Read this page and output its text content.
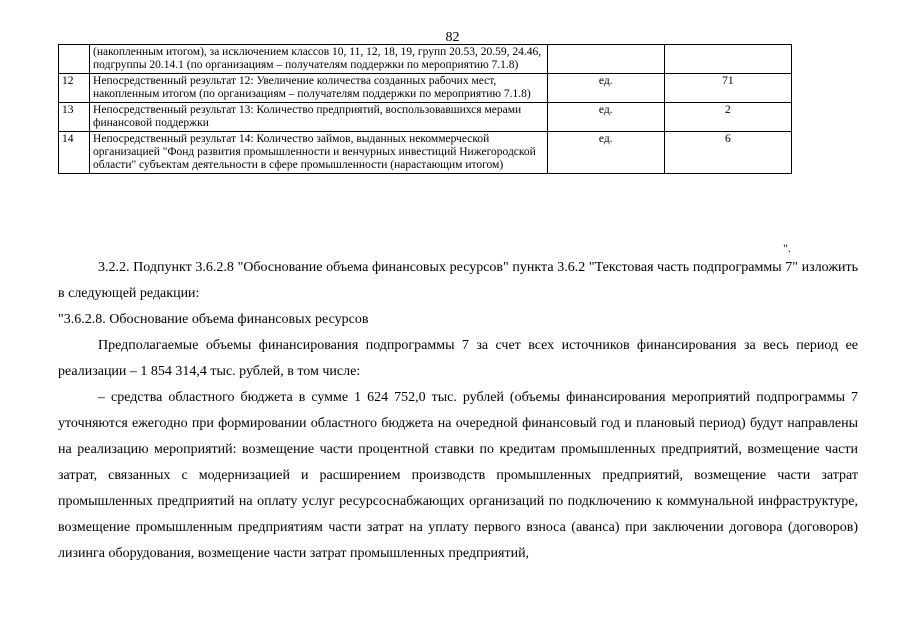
82
	(накопленным итогом), за исключением классов 10, 11, 12, 18, 19, групп 20.53, 20.59, 24.46, подгруппы 20.14.1 (по организациям – получателям поддержки по мероприятию 7.1.8)		
12	Непосредственный результат 12: Увеличение количества созданных рабочих мест, накопленным итогом (по организациям – получателям поддержки по мероприятию 7.1.8)	ед.	71
13	Непосредственный результат 13: Количество предприятий, воспользовавшихся мерами финансовой поддержки	ед.	2
14	Непосредственный результат 14: Количество займов, выданных некоммерческой организацией "Фонд развития промышленности и венчурных инвестиций Нижегородской области" субъектам деятельности в сфере промышленности (нарастающим итогом)	ед.	6
".

3.2.2. Подпункт 3.6.2.8 "Обоснование объема финансовых ресурсов" пункта 3.6.2 "Текстовая часть подпрограммы 7" изложить в следующей редакции:

"3.6.2.8. Обоснование объема финансовых ресурсов

Предполагаемые объемы финансирования подпрограммы 7 за счет всех источников финансирования за весь период ее реализации – 1 854 314,4 тыс. рублей, в том числе:

– средства областного бюджета в сумме 1 624 752,0 тыс. рублей (объемы финансирования мероприятий подпрограммы 7 уточняются ежегодно при формировании областного бюджета на очередной финансовый год и плановый период) будут направлены на реализацию мероприятий: возмещение части процентной ставки по кредитам промышленных предприятий, возмещение части затрат, связанных с модернизацией и расширением производств промышленных предприятий, возмещение части затрат промышленных предприятий на оплату услуг ресурсоснабжающих организаций по подключению к коммунальной инфраструктуре, возмещение промышленным предприятиям части затрат на уплату первого взноса (аванса) при заключении договора (договоров) лизинга оборудования, возмещение части затрат промышленных предприятий,
